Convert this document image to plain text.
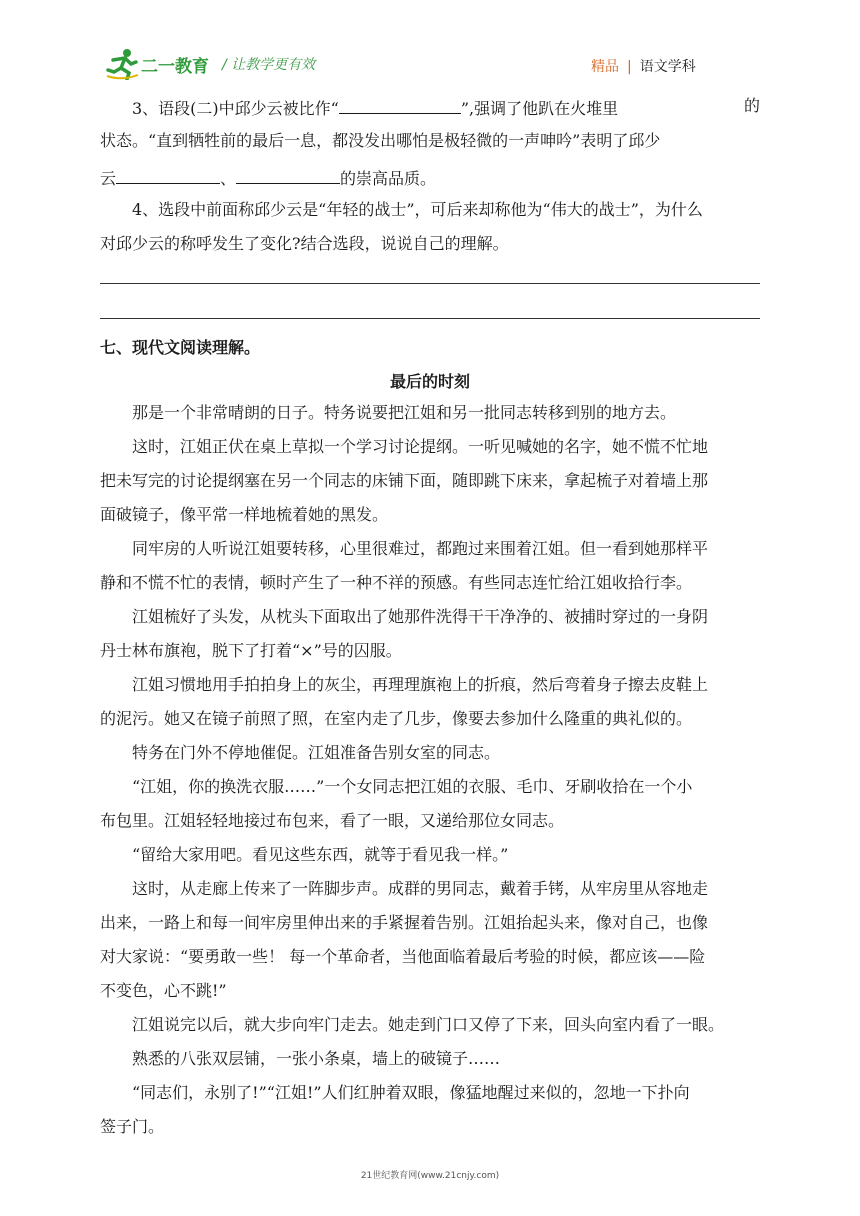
二一教育 / 让教学更有效	精品 | 语文学科
3、语段(二)中邱少云被比作“	”,强调了他趴在火堆里	的
状态。“直到牺牲前的最后一息，都没发出哪怕是极轻微的一声呻吟”表明了邱少
云	、	的崇高品质。
4、选段中前面称邱少云是“年轻的战士”，可后来却称他为“伟大的战士”，为什么
对邱少云的称呼发生了变化?结合选段，说说自己的理解。
七、现代文阅读理解。
最后的时刻
那是一个非常晴朗的日子。特务说要把江姐和另一批同志转移到别的地方去。
这时，江姐正伏在桌上草拟一个学习讨论提纲。一听见喊她的名字，她不慌不忙地
把未写完的讨论提纲塞在另一个同志的床铺下面，随即跳下床来，拿起梳子对着墙上那
面破镜子，像平常一样地梳着她的黑发。
同牢房的人听说江姐要转移，心里很难过，都跑过来围着江姐。但一看到她那样平
静和不慌不忙的表情，顿时产生了一种不祥的预感。有些同志连忙给江姐收拾行李。
江姐梳好了头发，从枕头下面取出了她那件洗得干干净净的、被捕时穿过的一身阴
丹士林布旗袍，脱下了打着“×”号的囚服。
江姐习惯地用手拍拍身上的灰尘，再理理旗袍上的折痕，然后弯着身子擦去皮鞋上
的泥污。她又在镜子前照了照，在室内走了几步，像要去参加什么隆重的典礼似的。
特务在门外不停地催促。江姐准备告别女室的同志。
“江姐，你的换洗衣服……”一个女同志把江姐的衣服、毛巾、牙刷收拾在一个小
布包里。江姐轻轻地接过布包来，看了一眼，又递给那位女同志。
“留给大家用吧。看见这些东西，就等于看见我一样。”
这时，从走廊上传来了一阵脚步声。成群的男同志，戴着手铐，从牢房里从容地走
出来，一路上和每一间牢房里伸出来的手紧握着告别。江姐抬起头来，像对自己，也像
对大家说：“要勇敢一些！ 每一个革命者，当他面临着最后考验的时候，都应该——险
不变色，心不跳!”
江姐说完以后，就大步向牢门走去。她走到门口又停了下来，回头向室内看了一眼。
熟悉的八张双层铺，一张小条桌，墙上的破镜子……
“同志们，永别了!”“江姐!”人们红肿着双眼，像猛地醒过来似的，忽地一下扑向
签子门。
21世纪教育网(www.21cnjy.com)
